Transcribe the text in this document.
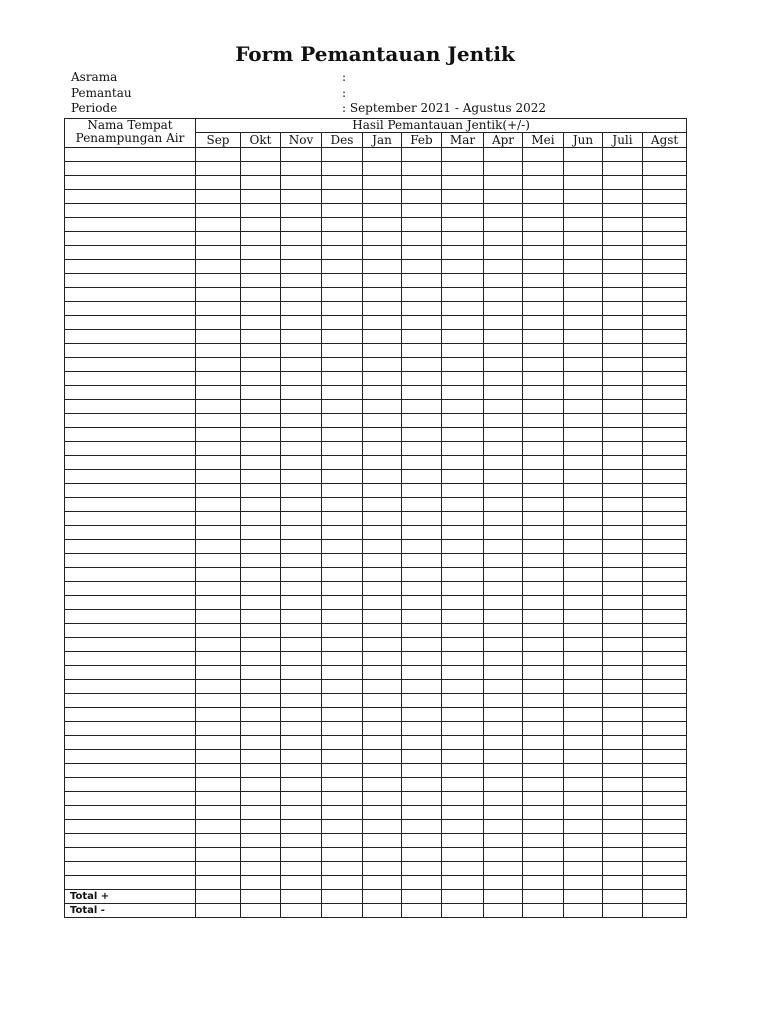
Form Pemantauan Jentik
Asrama	:
Pemantau	:
Periode	: September 2021 - Agustus 2022
Nama Tempat
Penampungan Air	Hasil Pemantauan Jentik(+/-)											
	Sep	Okt	Nov	Des	Jan	Feb	Mar	Apr	Mei	Jun	Juli	Agst

Total +												
Total -												
